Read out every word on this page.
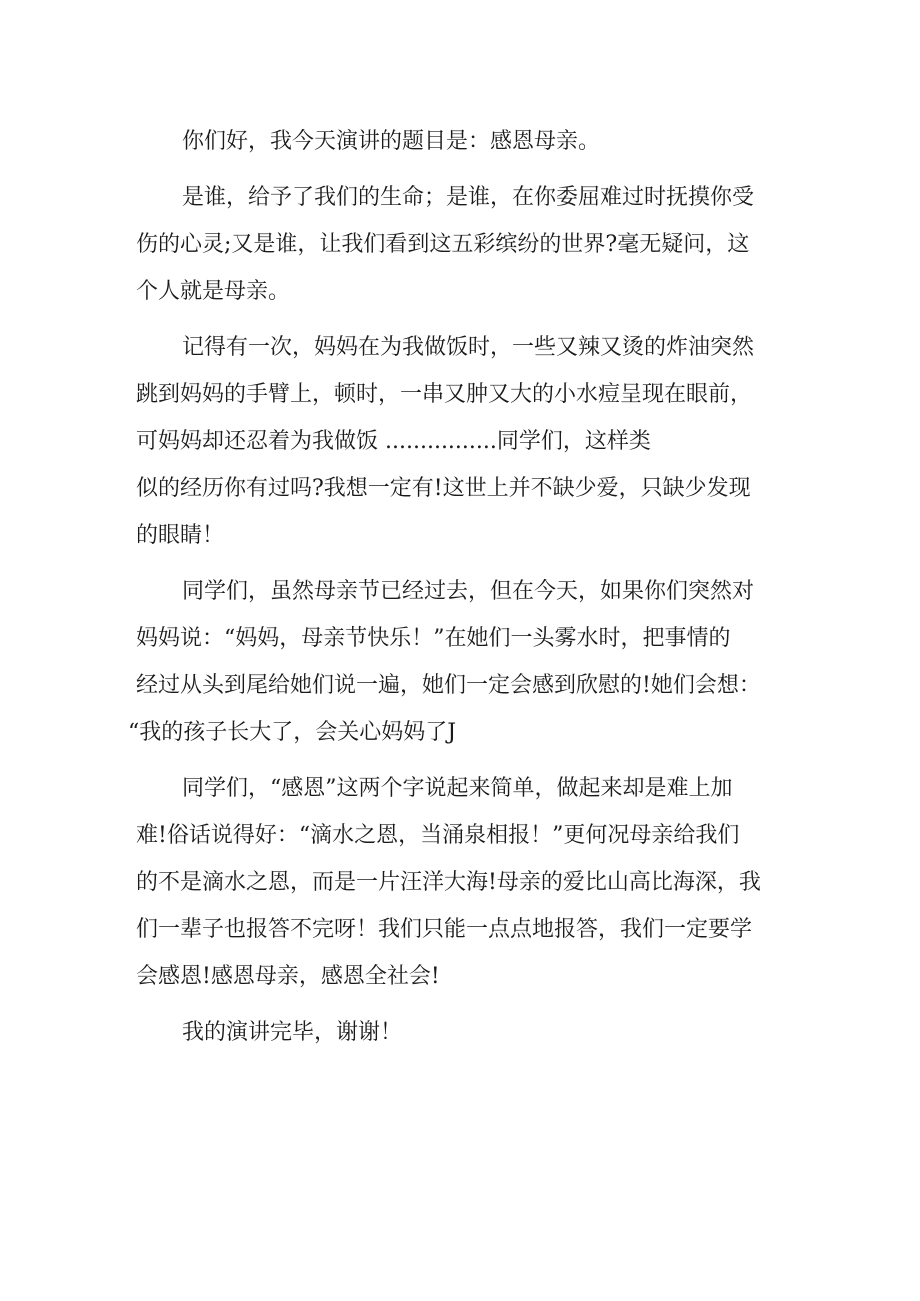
你们好，我今天演讲的题目是：感恩母亲。

是谁，给予了我们的生命；是谁，在你委屈难过时抚摸你受
伤的心灵;又是谁，让我们看到这五彩缤纷的世界?毫无疑问，这
个人就是母亲。

记得有一次，妈妈在为我做饭时，一些又辣又烫的炸油突然
跳到妈妈的手臂上，顿时，一串又肿又大的小水痘呈现在眼前，
可妈妈却还忍着为我做饭 ................同学们，这样类
似的经历你有过吗?我想一定有!这世上并不缺少爱，只缺少发现
的眼睛！

同学们，虽然母亲节已经过去，但在今天，如果你们突然对
妈妈说：“妈妈，母亲节快乐！”在她们一头雾水时，把事情的
经过从头到尾给她们说一遍，她们一定会感到欣慰的!她们会想：
“我的孩子长大了，会关心妈妈了J

同学们，“感恩”这两个字说起来简单，做起来却是难上加
难!俗话说得好：“滴水之恩，当涌泉相报！”更何况母亲给我们
的不是滴水之恩，而是一片汪洋大海!母亲的爱比山高比海深，我
们一辈子也报答不完呀！我们只能一点点地报答，我们一定要学
会感恩!感恩母亲，感恩全社会!

我的演讲完毕，谢谢！
